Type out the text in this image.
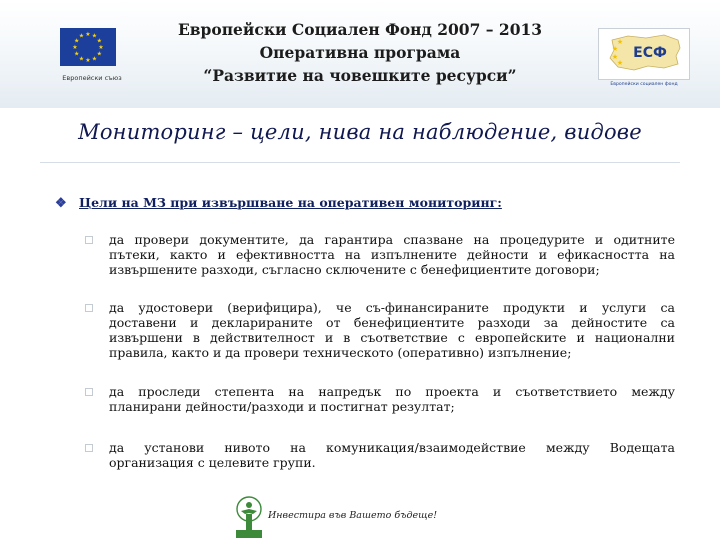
★ ★
★
★
★
★
★
★
★
★
★
★
Европейски съюз
Европейски Социален Фонд 2007 – 2013
Оперативна програма
“Развитие на човешките ресурси”
★
★
★
★
ЕСФ
Европейски социален фонд
Мониторинг – цели, нива на наблюдение, видове
❖ Цели на МЗ при извършване на оперативен мониторинг:
да провери документите, да гарантира спазване на процедурите и одитните
пътеки, както и ефективността на изпълнените дейности и ефикасността на
извършените разходи, съгласно сключените с бенефициентите договори;
да удостовери (верифицира), че съ-финансираните продукти и услуги са
доставени и декларираните от бенефициентите разходи за дейностите са
извършени в действителност и в съответствие с европейските и национални
правила, както и да провери техническото (оперативно) изпълнение;
да проследи степента на напредък по проекта и съответствието между
планирани дейности/разходи и постигнат резултат;
да установи нивото на комуникация/взаимодействие между Водещата
организация с целевите групи.
Инвестира във Вашето бъдеще!
